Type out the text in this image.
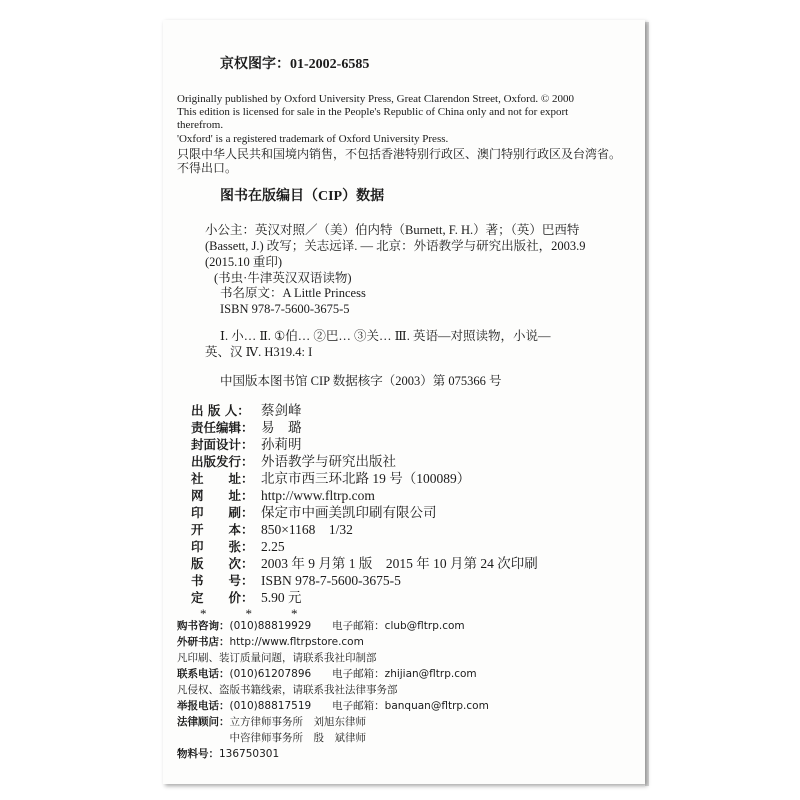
京权图字：01-2002-6585
Originally published by Oxford University Press, Great Clarendon Street, Oxford. © 2000
This edition is licensed for sale in the People's Republic of China only and not for export
therefrom.
'Oxford' is a registered trademark of Oxford University Press.
只限中华人民共和国境内销售，不包括香港特别行政区、澳门特别行政区及台湾省。
不得出口。
图书在版编目（CIP）数据
小公主：英汉对照／（美）伯内特（Burnett, F. H.）著；（英）巴西特
(Bassett, J.) 改写；关志远译. — 北京：外语教学与研究出版社，2003.9
(2015.10 重印)
(书虫·牛津英汉双语读物)
书名原文：A Little Princess
ISBN 978-7-5600-3675-5
Ⅰ. 小… Ⅱ. ①伯… ②巴… ③关… Ⅲ. 英语—对照读物，小说—
英、汉 Ⅳ. H319.4: I
中国版本图书馆 CIP 数据核字（2003）第 075366 号
出 版 人： 蔡剑峰
责任编辑： 易　璐
封面设计： 孙莉明
出版发行： 外语教学与研究出版社
社　　址： 北京市西三环北路 19 号（100089）
网　　址： http://www.fltrp.com
印　　刷： 保定市中画美凯印刷有限公司
开　　本： 850×1168　1/32
印　　张： 2.25
版　　次： 2003 年 9 月第 1 版　2015 年 10 月第 24 次印刷
书　　号： ISBN 978-7-5600-3675-5
定　　价： 5.90 元
*　　　*　　　*
购书咨询：(010)88819929　　电子邮箱：club@fltrp.com
外研书店：http://www.fltrpstore.com
凡印刷、装订质量问题，请联系我社印制部
联系电话：(010)61207896　　电子邮箱：zhijian@fltrp.com
凡侵权、盗版书籍线索，请联系我社法律事务部
举报电话：(010)88817519　　电子邮箱：banquan@fltrp.com
法律顾问：立方律师事务所　刘旭东律师
　　　　　中咨律师事务所　殷　斌律师
物料号：136750301
